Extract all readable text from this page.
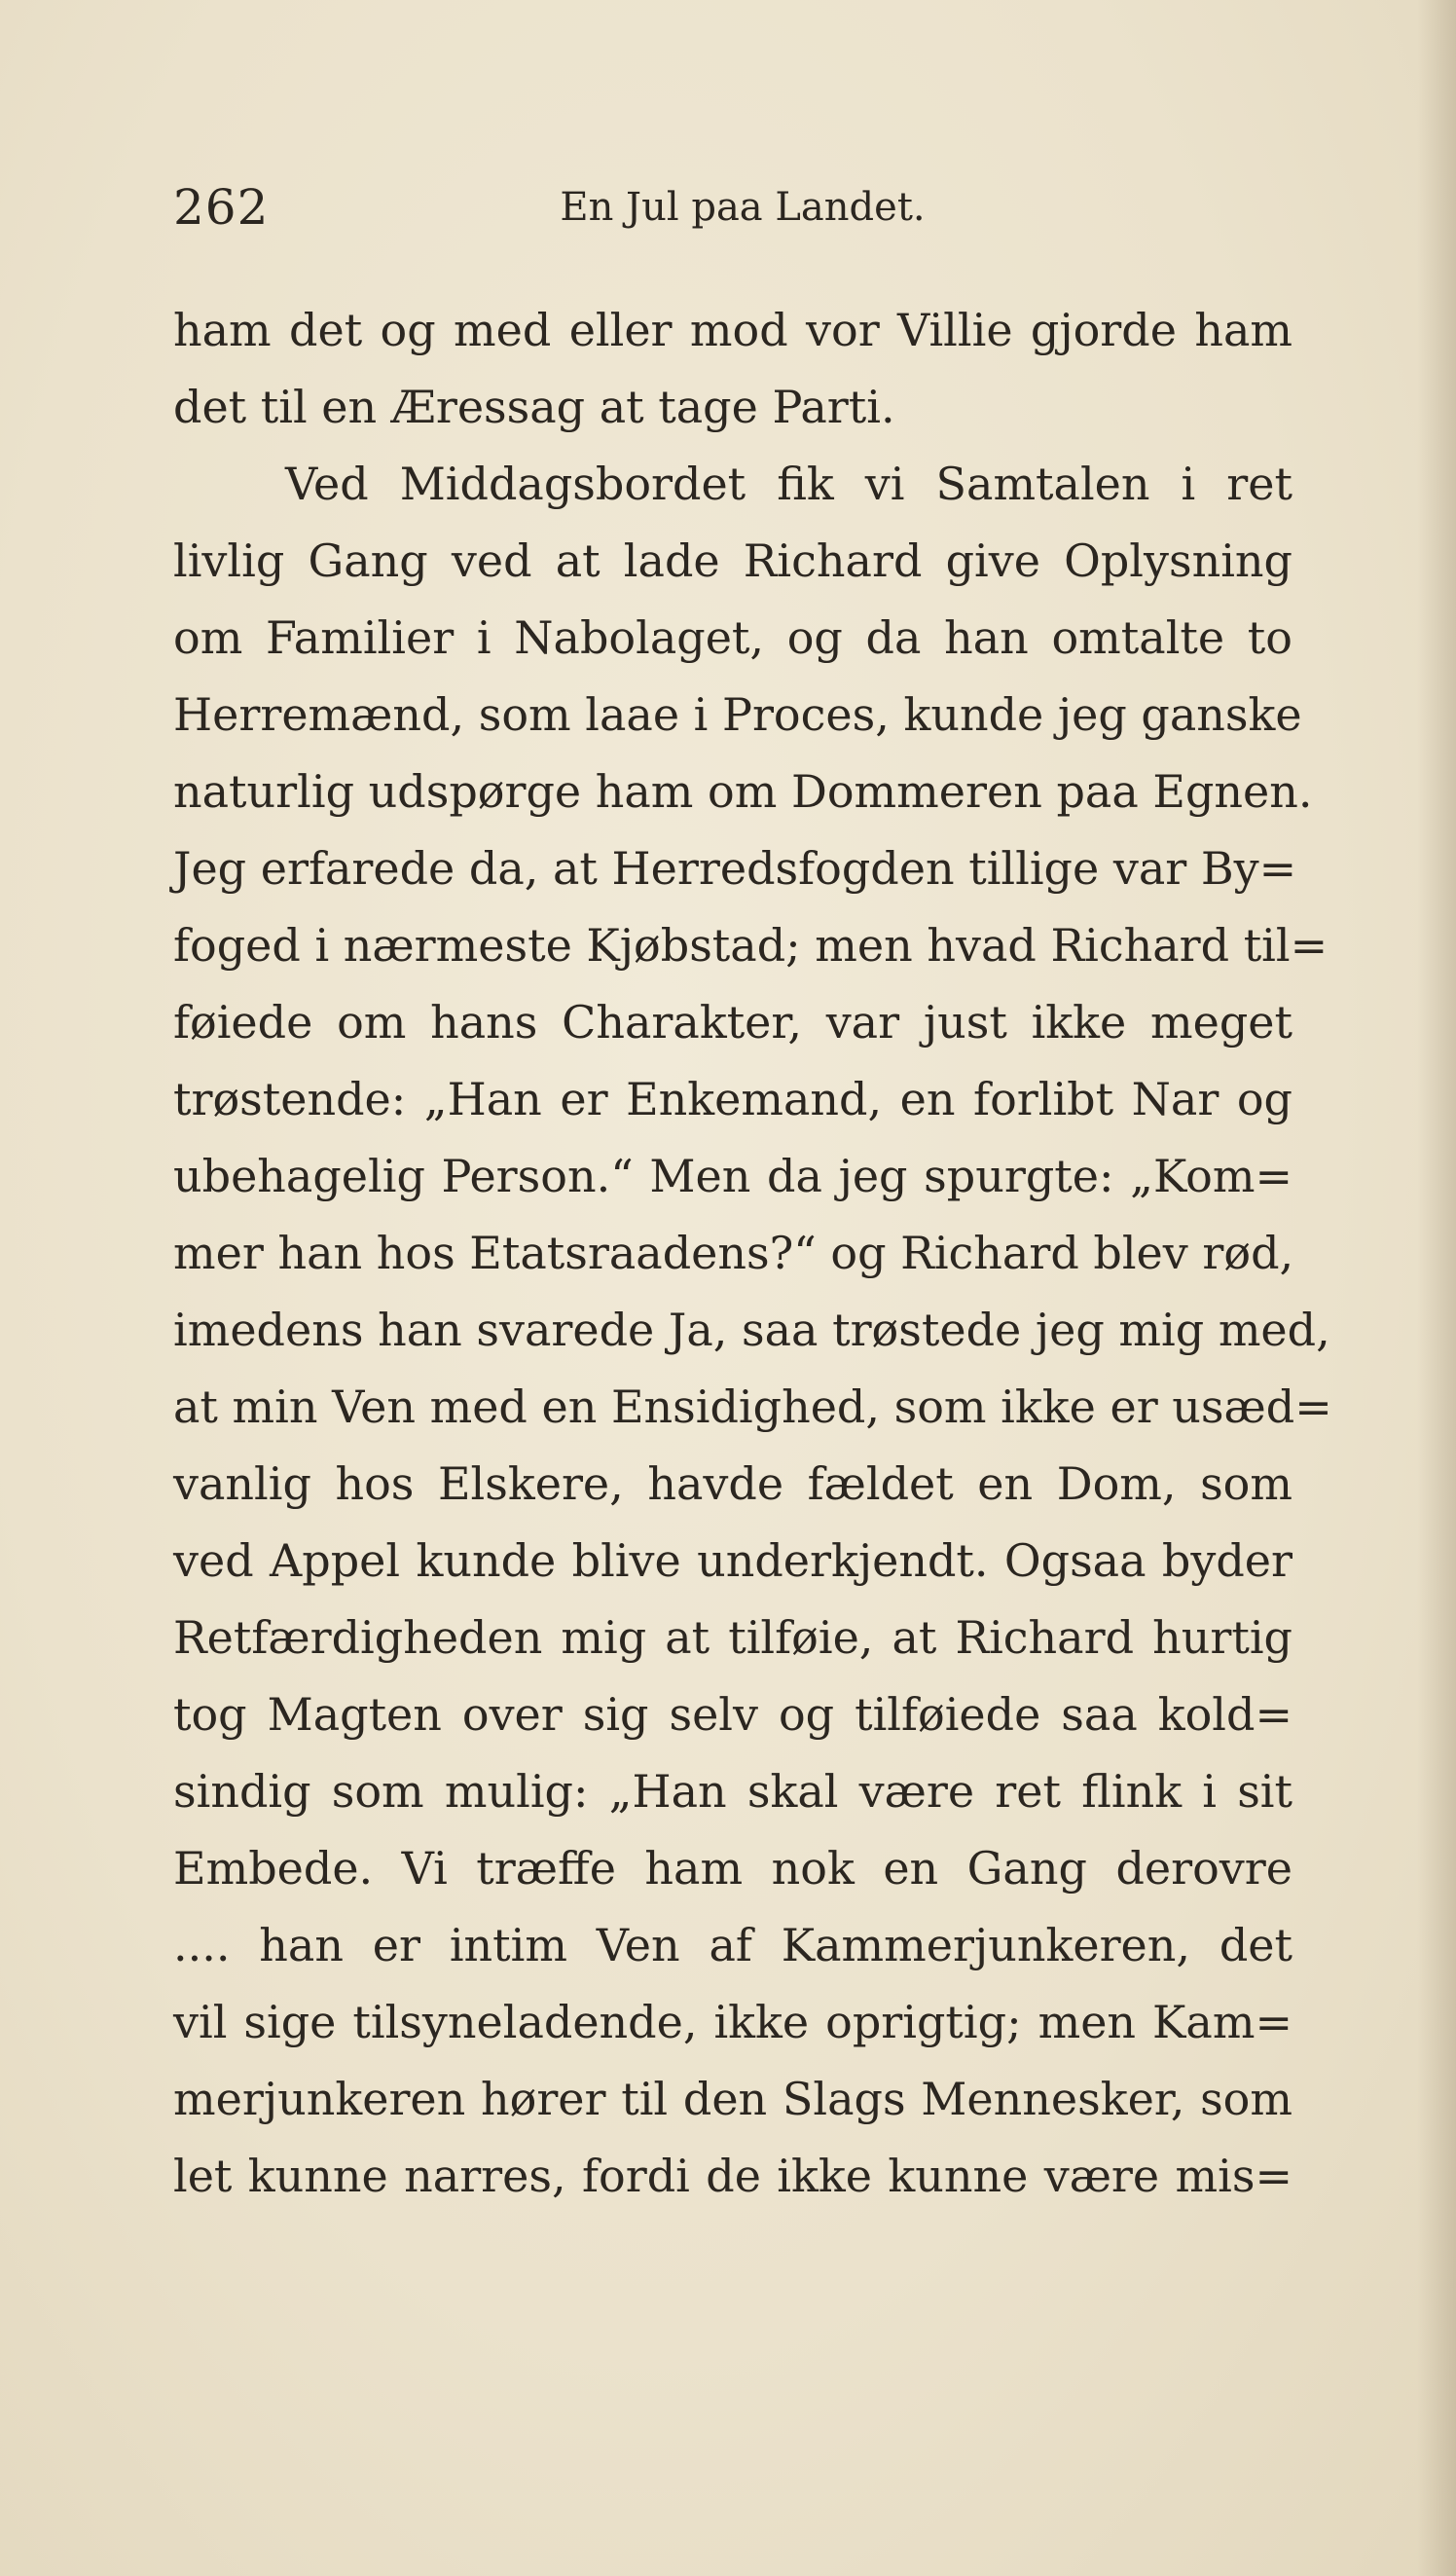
262	En Jul paa Landet.
ham det og med eller mod vor Villie gjorde ham
det til en Æressag at tage Parti.
Ved Middagsbordet fik vi Samtalen i ret
livlig Gang ved at lade Richard give Oplysning
om Familier i Nabolaget, og da han omtalte to
Herremænd, som laae i Proces, kunde jeg ganske
naturlig udspørge ham om Dommeren paa Egnen.
Jeg erfarede da, at Herredsfogden tillige var By=
foged i nærmeste Kjøbstad; men hvad Richard til=
føiede om hans Charakter, var just ikke meget
trøstende: „Han er Enkemand, en forlibt Nar og
ubehagelig Person.“ Men da jeg spurgte: „Kom=
mer han hos Etatsraadens?“ og Richard blev rød,
imedens han svarede Ja, saa trøstede jeg mig med,
at min Ven med en Ensidighed, som ikke er usæd=
vanlig hos Elskere, havde fældet en Dom, som
ved Appel kunde blive underkjendt. Ogsaa byder
Retfærdigheden mig at tilføie, at Richard hurtig
tog Magten over sig selv og tilføiede saa kold=
sindig som mulig: „Han skal være ret flink i sit
Embede. Vi træffe ham nok en Gang derovre
.... han er intim Ven af Kammerjunkeren, det
vil sige tilsyneladende, ikke oprigtig; men Kam=
merjunkeren hører til den Slags Mennesker, som
let kunne narres, fordi de ikke kunne være mis=
